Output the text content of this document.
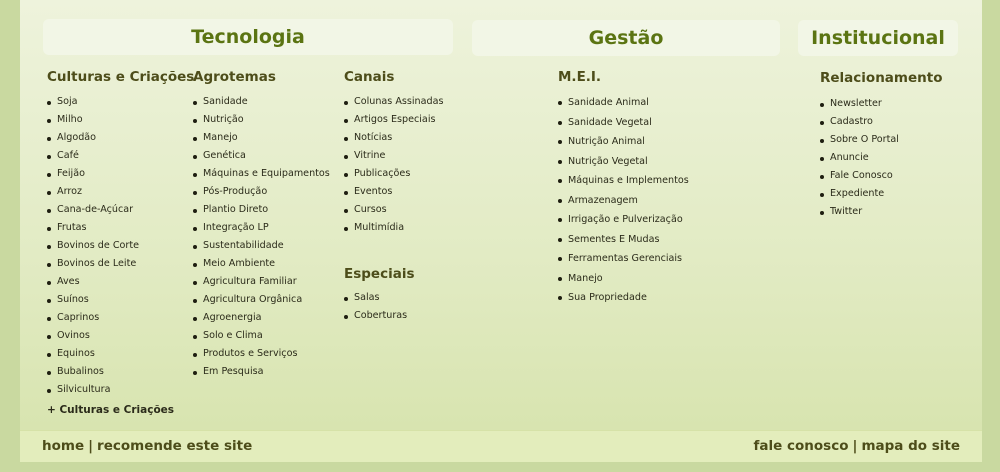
Tecnologia	Gestão	Institucional
Culturas e Criações
Soja
Milho
Algodão
Café
Feijão
Arroz
Cana-de-Açúcar
Frutas
Bovinos de Corte
Bovinos de Leite
Aves
Suínos
Caprinos
Ovinos
Equinos
Bubalinos
Silvicultura
+ Culturas e Criações
Agrotemas
Sanidade
Nutrição
Manejo
Genética
Máquinas e Equipamentos
Pós-Produção
Plantio Direto
Integração LP
Sustentabilidade
Meio Ambiente
Agricultura Familiar
Agricultura Orgânica
Agroenergia
Solo e Clima
Produtos e Serviços
Em Pesquisa
Canais
Colunas Assinadas
Artigos Especiais
Notícias
Vitrine
Publicações
Eventos
Cursos
Multimídia
Especiais
Salas
Coberturas
M.E.I.
Sanidade Animal
Sanidade Vegetal
Nutrição Animal
Nutrição Vegetal
Máquinas e Implementos
Armazenagem
Irrigação e Pulverização
Sementes E Mudas
Ferramentas Gerenciais
Manejo
Sua Propriedade
Relacionamento
Newsletter
Cadastro
Sobre O Portal
Anuncie
Fale Conosco
Expediente
Twitter
home | recomende este site	fale conosco | mapa do site
